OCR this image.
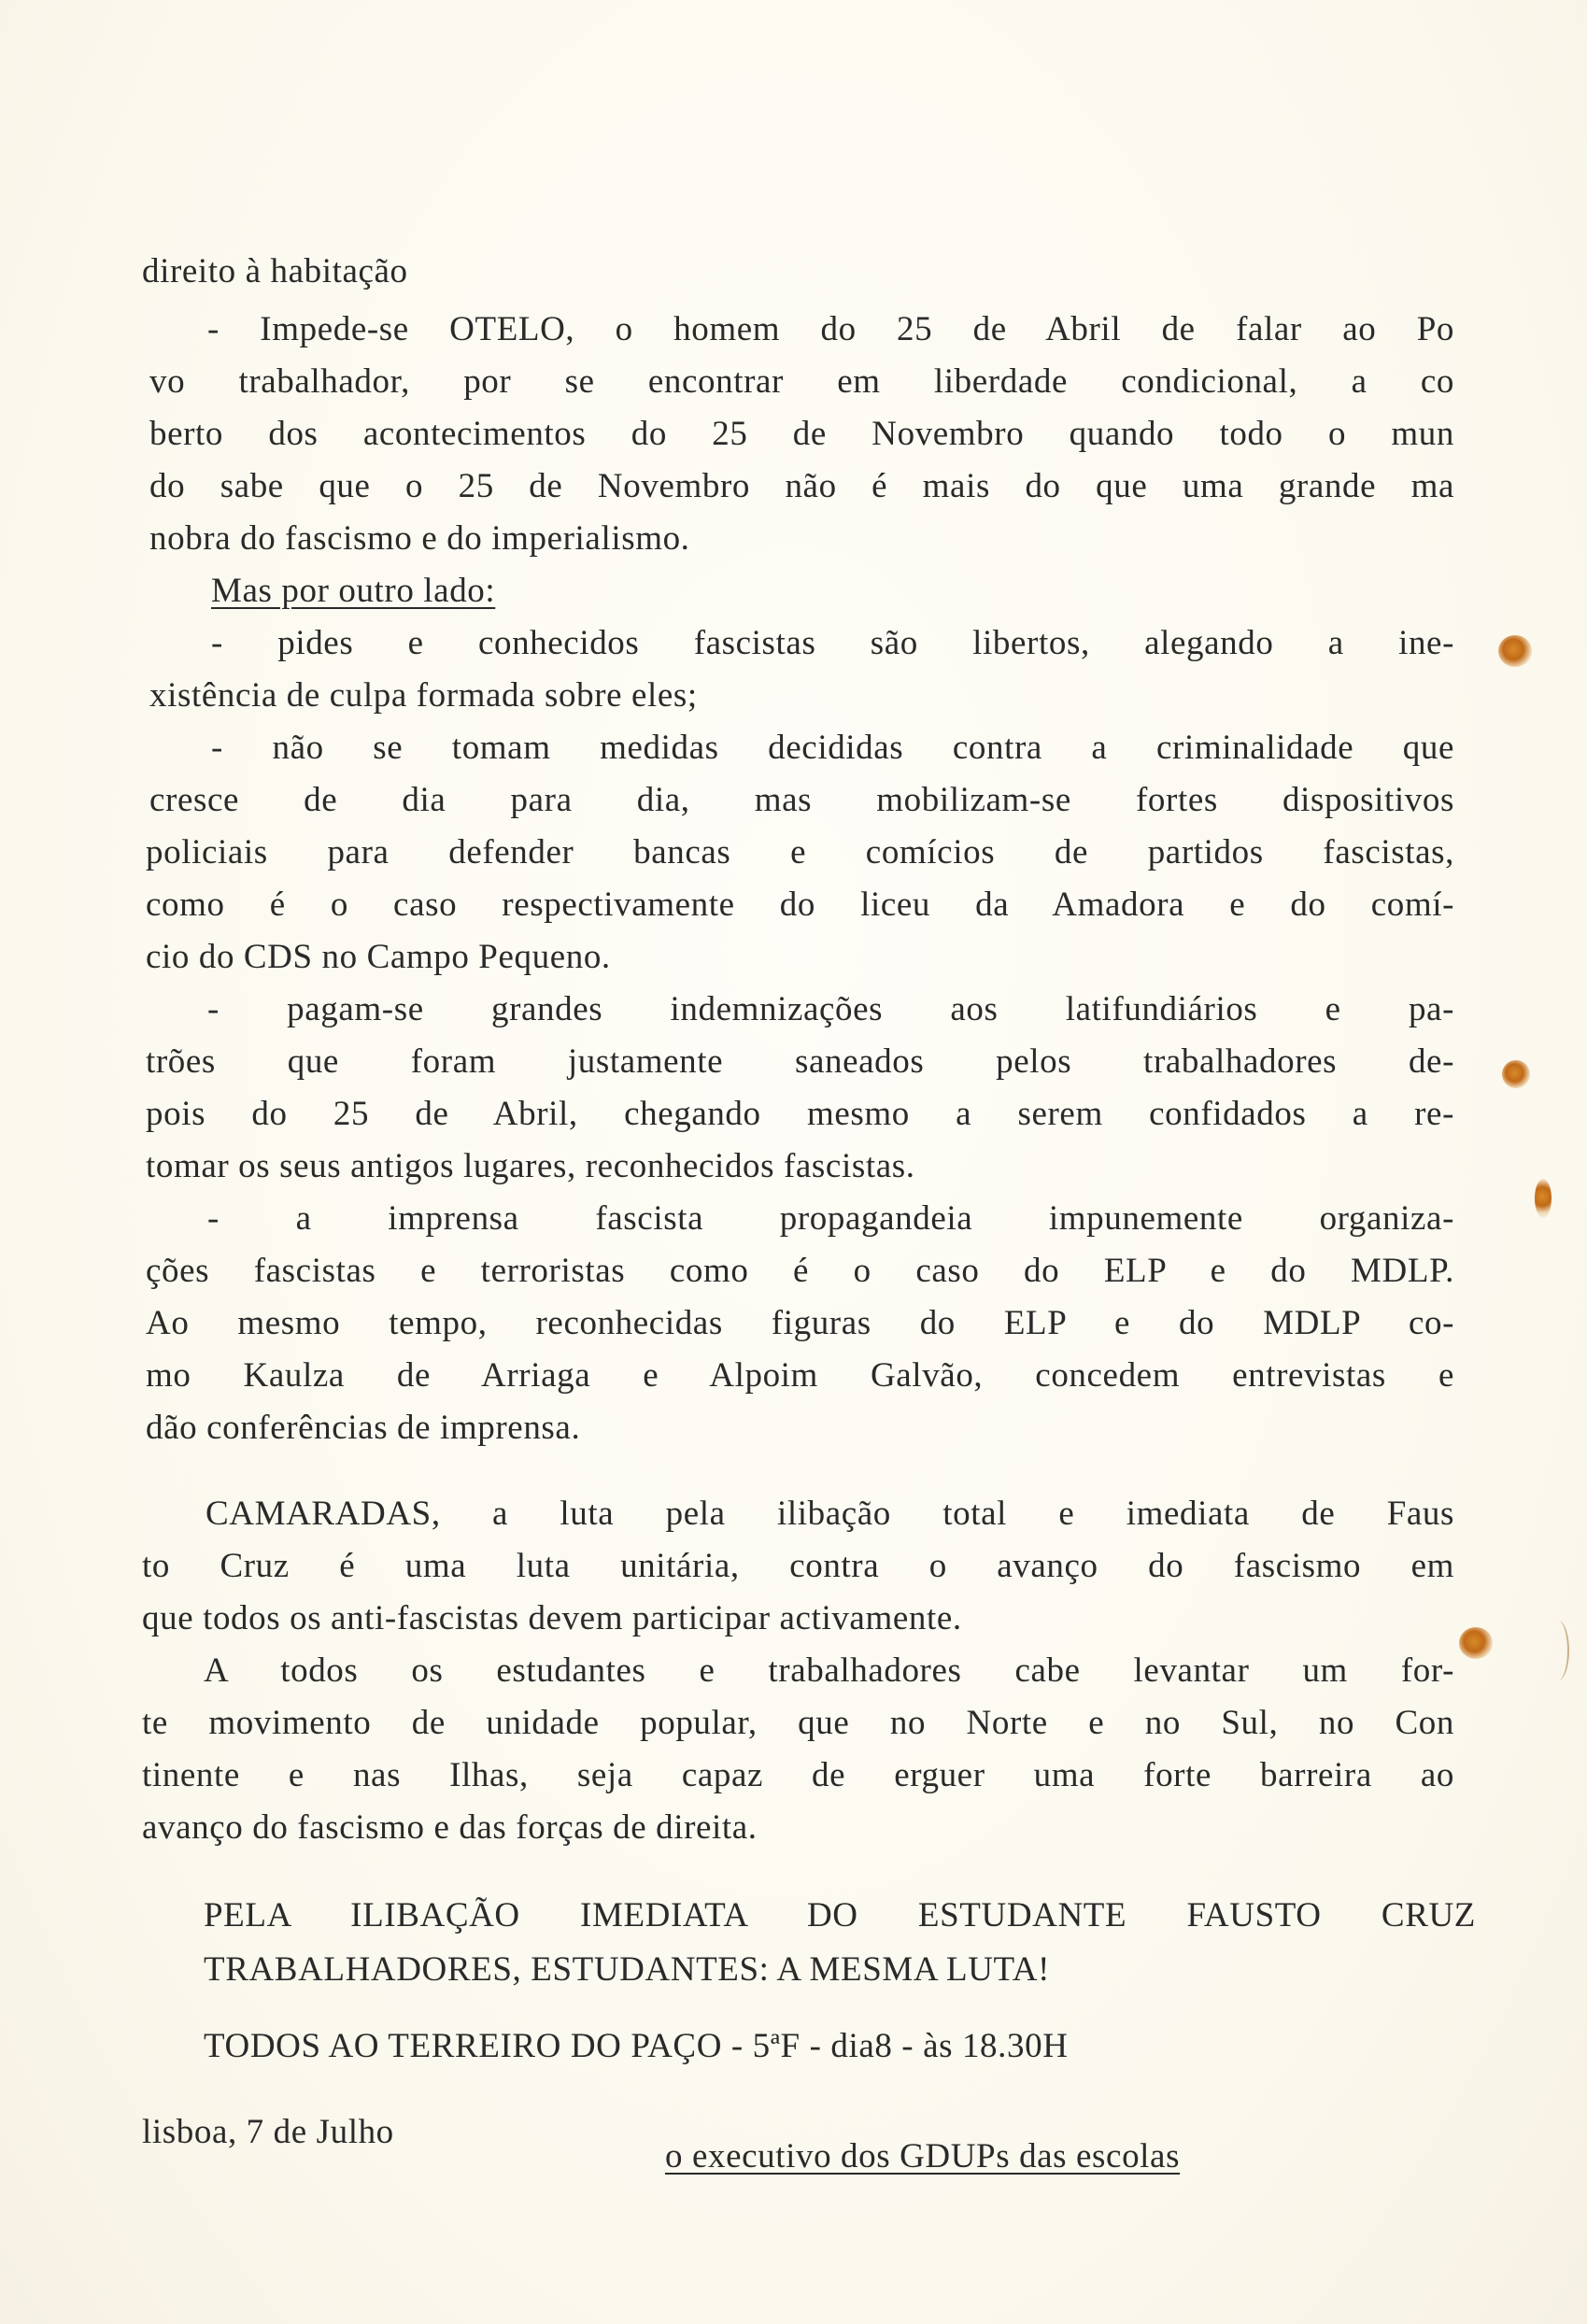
direito à habitação
- Impede-se OTELO, o homem do 25 de Abril de falar ao Po
vo trabalhador, por se encontrar em liberdade condicional, a co
berto dos acontecimentos do 25 de Novembro quando todo o mun
do sabe que o 25 de Novembro não é mais do que uma grande ma
nobra do fascismo e do imperialismo.
Mas por outro lado:
- pides e conhecidos fascistas são libertos, alegando a ine-
xistência de culpa formada sobre eles;
- não se tomam medidas decididas contra a criminalidade que
cresce de dia para dia, mas mobilizam-se fortes dispositivos
policiais para defender bancas e comícios de partidos fascistas,
como é o caso respectivamente do liceu da Amadora e do comí-
cio do CDS no Campo Pequeno.
- pagam-se grandes indemnizações aos latifundiários e pa-
trões que foram justamente saneados pelos trabalhadores de-
pois do 25 de Abril, chegando mesmo a serem confidados a re-
tomar os seus antigos lugares, reconhecidos fascistas.
- a imprensa fascista propagandeia impunemente organiza-
ções fascistas e terroristas como é o caso do ELP e do MDLP.
Ao mesmo tempo, reconhecidas figuras do ELP e do MDLP co-
mo Kaulza de Arriaga e Alpoim Galvão, concedem entrevistas e
dão conferências de imprensa.
CAMARADAS, a luta pela ilibação total e imediata de Faus
to Cruz é uma luta unitária, contra o avanço do fascismo em
que todos os anti-fascistas devem participar activamente.
A todos os estudantes e trabalhadores cabe levantar um for-
te movimento de unidade popular, que no Norte e no Sul, no Con
tinente e nas Ilhas, seja capaz de erguer uma forte barreira ao
avanço do fascismo e das forças de direita.
PELA ILIBAÇÃO IMEDIATA DO ESTUDANTE FAUSTO CRUZ
TRABALHADORES, ESTUDANTES: A MESMA LUTA!
TODOS AO TERREIRO DO PAÇO - 5ªF - dia8 - às 18.30H
lisboa, 7 de Julho
o executivo dos GDUPs das escolas
